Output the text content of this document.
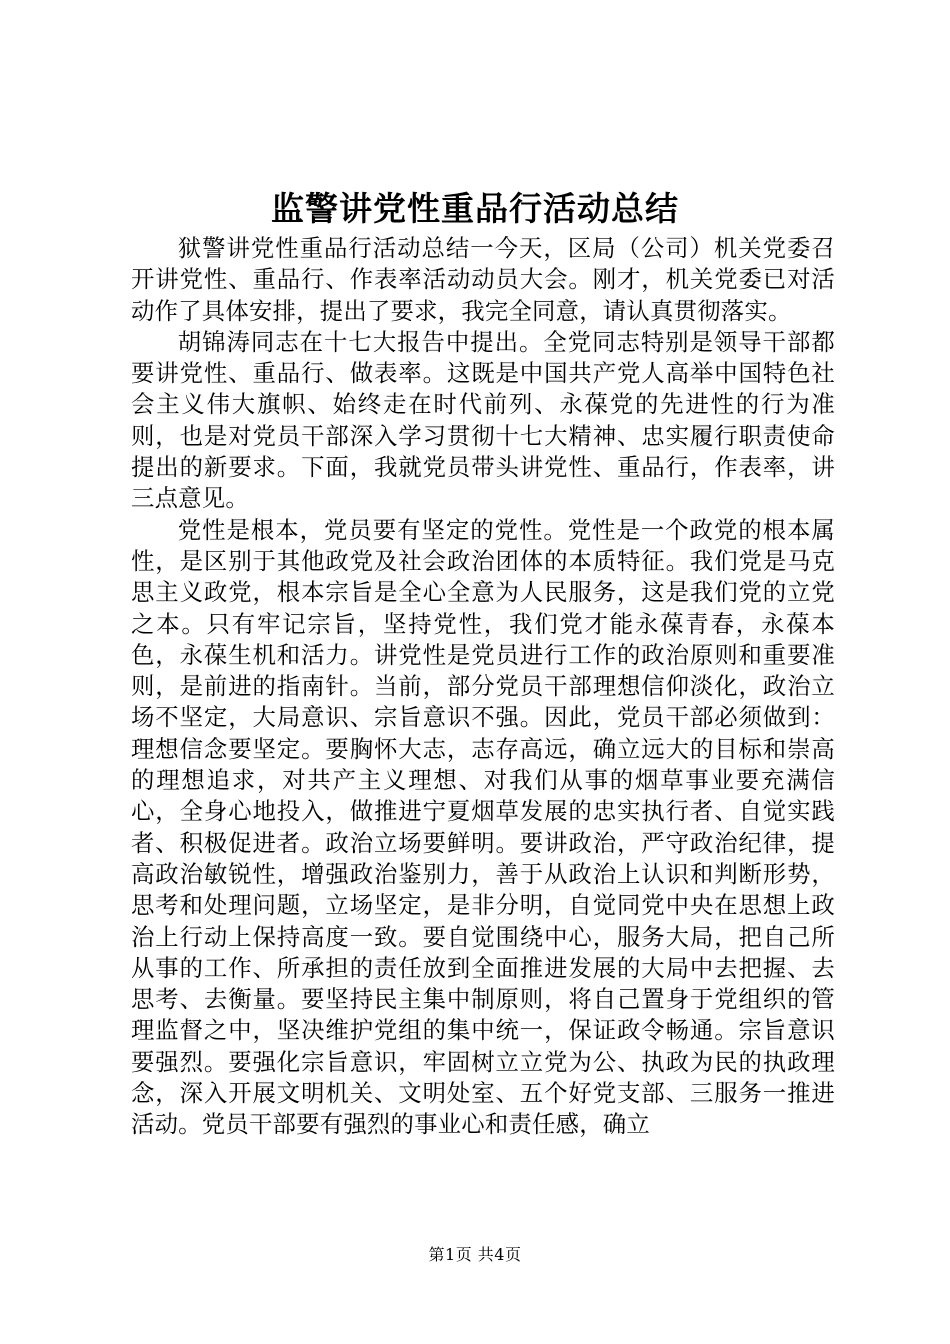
监警讲党性重品行活动总结

狱警讲党性重品行活动总结一今天，区局（公司）机关党委召开讲党性、重品行、作表率活动动员大会。刚才，机关党委已对活动作了具体安排，提出了要求，我完全同意，请认真贯彻落实。

胡锦涛同志在十七大报告中提出。全党同志特别是领导干部都要讲党性、重品行、做表率。这既是中国共产党人高举中国特色社会主义伟大旗帜、始终走在时代前列、永葆党的先进性的行为准则，也是对党员干部深入学习贯彻十七大精神、忠实履行职责使命提出的新要求。下面，我就党员带头讲党性、重品行，作表率，讲三点意见。

党性是根本，党员要有坚定的党性。党性是一个政党的根本属性，是区别于其他政党及社会政治团体的本质特征。我们党是马克思主义政党，根本宗旨是全心全意为人民服务，这是我们党的立党之本。只有牢记宗旨，坚持党性，我们党才能永葆青春，永葆本色，永葆生机和活力。讲党性是党员进行工作的政治原则和重要准则，是前进的指南针。当前，部分党员干部理想信仰淡化，政治立场不坚定，大局意识、宗旨意识不强。因此，党员干部必须做到：理想信念要坚定。要胸怀大志，志存高远，确立远大的目标和崇高的理想追求，对共产主义理想、对我们从事的烟草事业要充满信心，全身心地投入，做推进宁夏烟草发展的忠实执行者、自觉实践者、积极促进者。政治立场要鲜明。要讲政治，严守政治纪律，提高政治敏锐性，增强政治鉴别力，善于从政治上认识和判断形势，思考和处理问题，立场坚定，是非分明，自觉同党中央在思想上政治上行动上保持高度一致。要自觉围绕中心，服务大局，把自己所从事的工作、所承担的责任放到全面推进发展的大局中去把握、去思考、去衡量。要坚持民主集中制原则，将自己置身于党组织的管理监督之中，坚决维护党组的集中统一，保证政令畅通。宗旨意识要强烈。要强化宗旨意识，牢固树立立党为公、执政为民的执政理念，深入开展文明机关、文明处室、五个好党支部、三服务一推进活动。党员干部要有强烈的事业心和责任感，确立

第1页 共4页
